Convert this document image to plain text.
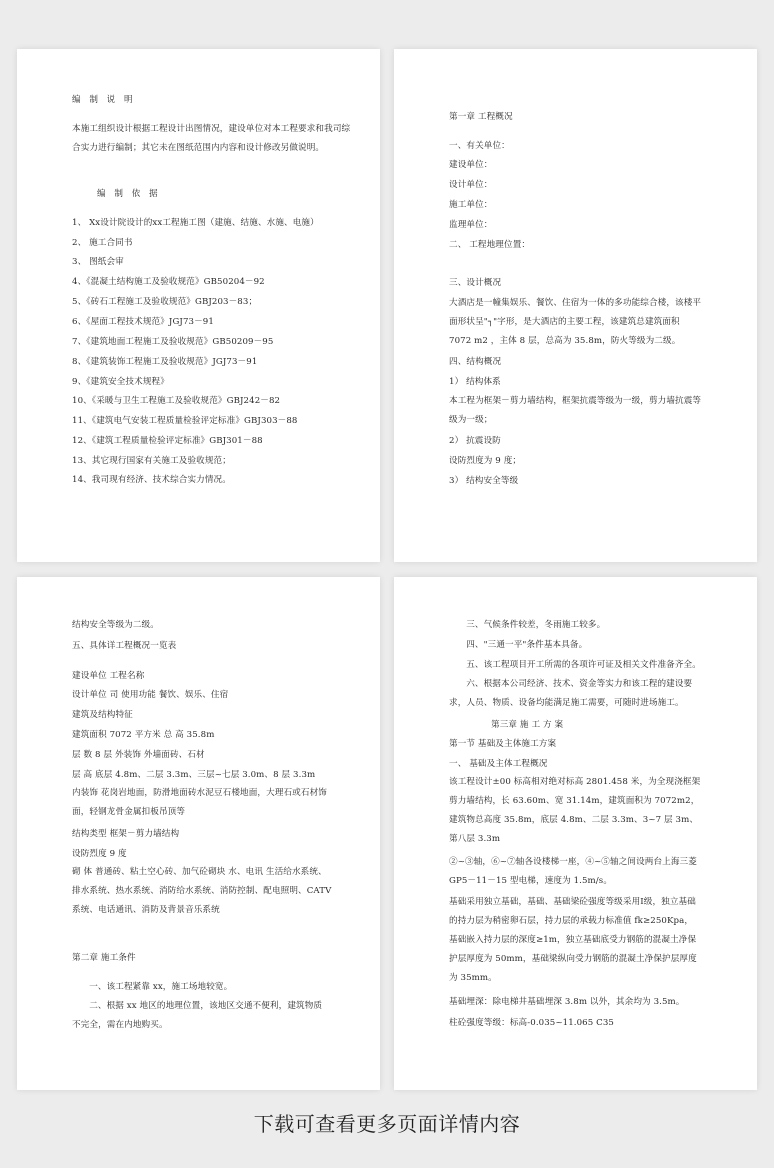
编 制 说 明
本施工组织设计根据工程设计出图情况，建设单位对本工程要求和我司综合实力进行编制；其它未在图纸范围内内容和设计修改另做说明。
编 制 依 据
1、 Xx设计院设计的xx工程施工图（建施、结施、水施、电施）
2、 施工合同书
3、 图纸会审
4、《混凝土结构施工及验收规范》GB50204－92
5、《砖石工程施工及验收规范》GBJ203－83；
6、《屋面工程技术规范》JGJ73－91
7、《建筑地面工程施工及验收规范》GB50209－95
8、《建筑装饰工程施工及验收规范》JGJ73－91
9、《建筑安全技术规程》
10、《采暖与卫生工程施工及验收规范》GBJ242－82
11、《建筑电气安装工程质量检验评定标准》GBJ303－88
12、《建筑工程质量检验评定标准》GBJ301－88
13、其它现行国家有关施工及验收规范；
14、我司现有经济、技术综合实力情况。
第一章 工程概况
一、有关单位：
建设单位：
设计单位：
施工单位：
监理单位：
二、 工程地理位置：
三、设计概况
大酒店是一幢集娱乐、餐饮、住宿为一体的多功能综合楼，该楼平面形状呈"┐"字形，是大酒店的主要工程，该建筑总建筑面积 7072 m2 ，主体 8 层，总高为 35.8m，防火等级为二级。
四、结构概况
1） 结构体系
本工程为框架－剪力墙结构，框架抗震等级为一级，剪力墙抗震等级为一级；
2） 抗震设防
设防烈度为 9 度；
3） 结构安全等级
结构安全等级为二级。
五、具体详工程概况一览表
建设单位 工程名称
设计单位 司 使用功能 餐饮、娱乐、住宿
建筑及结构特征
建筑面积 7072 平方米 总 高 35.8m
层 数 8 层 外装饰 外墙面砖、石材
层 高 底层 4.8m、二层 3.3m、三层~七层 3.0m、8 层 3.3m
内装饰 花岗岩地面，防滑地面砖水泥豆石楼地面，大理石或石材饰面，轻钢龙骨金属扣板吊顶等
结构类型 框架－剪力墙结构
设防烈度 9 度
砌 体 普通砖、粘土空心砖、加气砼砌块 水、电讯 生活给水系统、排水系统、热水系统、消防给水系统、消防控制、配电照明、CATV 系统、电话通讯、消防及背景音乐系统
第二章 施工条件
一、该工程紧靠 xx，施工场地较宽。
二、根据 xx 地区的地理位置，该地区交通不便利，建筑物质不完全，需在内地购买。
三、气候条件较差，冬雨施工较多。
四、"三通一平"条件基本具备。
五、该工程项目开工所需的各项许可证及相关文件准备齐全。
六、根据本公司经济、技术、资金等实力和该工程的建设要求，人员、物质、设备均能满足施工需要，可随时进场施工。
第三章 施 工 方 案
第一节 基础及主体施工方案
一、 基础及主体工程概况
该工程设计±00 标高相对绝对标高 2801.458 米，为全现浇框架剪力墙结构，长 63.60m、宽 31.14m，建筑面积为 7072m2，建筑物总高度 35.8m，底层 4.8m、二层 3.3m、3~7 层 3m、第八层 3.3m
②~③轴，⑥~⑦轴各设楼梯一座，④~⑤轴之间设两台上海三菱 GP5－11－15 型电梯，速度为 1.5m/s。
基础采用独立基础，基础、基础梁砼强度等级采用Ⅰ级，独立基础的持力层为稍密卵石层，持力层的承载力标准值 fk≥250Kpa，基础嵌入持力层的深度≥1m，独立基础底受力钢筋的混凝土净保护层厚度为 50mm，基础梁纵向受力钢筋的混凝土净保护层厚度为 35mm。
基础埋深：除电梯井基础埋深 3.8m 以外，其余均为 3.5m。
柱砼强度等级：标高-0.035~11.065 C35
下载可查看更多页面详情内容
